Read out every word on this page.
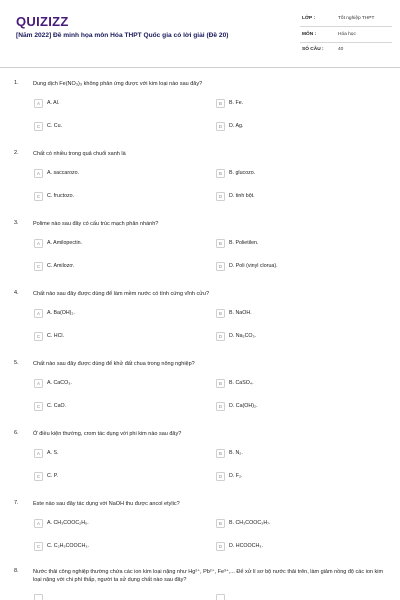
QUIZIZZ
[Năm 2022] Đề minh họa môn Hóa THPT Quốc gia có lời giải (Đề 20)
LỚP :	Tốt nghiệp THPT
MÔN :	Hóa học
SỐ CÂU :	40
1.	Dung dịch Fe(NO₃)₃ không phản ứng được với kim loại nào sau đây?
A	A. Al.	B	B. Fe.
C	C. Cu.	D	D. Ag.
2.	Chất có nhiều trong quả chuối xanh là
A	A. saccarozo.	B	B. glucozo.
C	C. fructozo.	D	D. tinh bột.
3.	Polime nào sau đây có cấu trúc mạch phân nhánh?
A	A. Amilopectin.	B	B. Polietilen.
C	C. Amilozơ.	D	D. Poli (vinyl clorua).
4.	Chất nào sau đây được dùng để làm mềm nước có tính cứng vĩnh cửu?
A	A. Ba(OH)₂.	B	B. NaOH.
C	C. HCl.	D	D. Na₂CO₃.
5.	Chất nào sau đây được dùng để khử đất chua trong nông nghiệp?
A	A. CaCO₃.	B	B. CaSO₄.
C	C. CaO.	D	D. Ca(OH)₂.
6.	Ở điều kiện thường, crom tác dụng với phi kim nào sau đây?
A	A. S.	B	B. N₂.
C	C. P.	D	D. F₂.
7.	Este nào sau đây tác dụng với NaOH thu được ancol etylic?
A	A. CH₃COOC₂H₅.	B	B. CH₃COOC₃H₇.
C	C. C₂H₅COOCH₃.	D	D. HCOOCH₃.
8.	Nước thải công nghiệp thường chứa các ion kim loại nặng như Hg²⁺, Pb²⁺, Fe³⁺,... Để xử lí sơ bộ nước thải trên, làm giảm nồng độ các ion kim loại nặng với chi phí thấp, người ta sử dụng chất nào sau đây?
